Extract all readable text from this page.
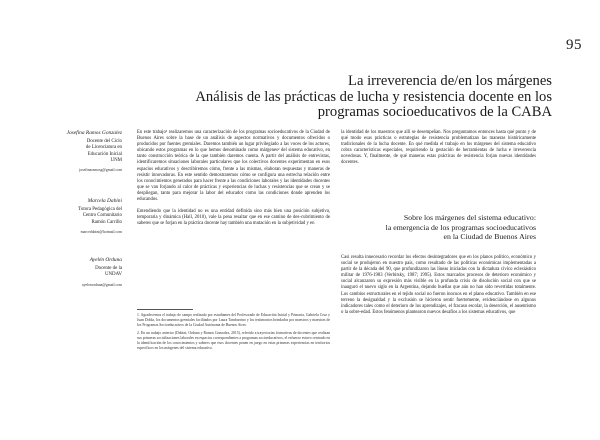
95
La irreverencia de/en los márgenes
Análisis de las prácticas de lucha y resistencia docente en los
programas socioeducativos de la CABA
Josefina Ramos Gonzalez
Docente del Ciclo
de Licenciatura en
Educación Inicial
UNM
josefinaramosg@gmail.com
Marcela Dabini
Tutora Pedagógica del
Centro Comunitario
Ramón Carrillo
marcedabini@hotmail.com
Ayelén Orduna
Docente de la
UNDAV
ayelenorduna@gmail.com

En este trabajo¹ realizaremos una caracterización de los programas socioeducativos de la Ciudad de Buenos Aires sobre la base de un análisis de aspectos normativos y documentos ofrecidos o producidos por fuentes gremiales. Daremos también un lugar privilegiado a las voces de los actores, ubicando estos programas en lo que hemos denominado como márgenes² del sistema educativo, en tanto construcción teórica de la que también daremos cuenta. A partir del análisis de entrevistas, identificaremos situaciones laborales particulares que los colectivos docentes experimentan en esos espacios educativos y describiremos cómo, frente a las mismas, elaboran respuestas y maneras de resistir innovadoras. En este sentido demostraremos cómo se configura una estrecha relación entre los conocimientos generados para hacer frente a las condiciones laborales y las identidades docentes que se van forjando al calor de prácticas y experiencias de luchas y resistencias que se crean y se despliegan, tanto para mejorar la labor del educador como las condiciones donde aprenden los educandos.

Entendiendo que la identidad no es una entidad definida sino más bien una posición subjetiva, temporaria y dinámica (Hall, 2010), vale la pena resaltar que en ese camino de des-cubrimiento de saberes que se forjan en la práctica docente hay también una mutación en la subjetividad y en

1. Agradecemos el trabajo de campo realizado por estudiantes del Profesorado de Educación Inicial y Primaria, Gabriela Cruz y Juan Dobla, los documentos gremiales facilitados por Laura Tamburrino y los testimonios brindados por maestros y maestras de los Programas Socioeducativos de la Ciudad Autónoma de Buenos Aires.

2. En un trabajo anterior (Dabini, Orduna y Ramos Gonzalez, 2015), referido a trayectorias formativas de docentes que realizan sus primeras socializaciones laborales en espacios correspondientes a programas socioeducativos, el esfuerzo estuvo centrado en la identificación de los conocimientos y saberes que esos docentes ponen en juego en estas primeras experiencias en territorios específicos en los márgenes del sistema educativo.

la identidad de los maestros que allí se desempeñan. Nos preguntamos entonces hasta qué punto y de qué modo esas prácticas o estrategias de resistencia problematizan las maneras históricamente tradicionales de la lucha docente. En qué medida el trabajo en los márgenes del sistema educativo cobra características especiales, requiriendo la gestación de herramientas de lucha e irreverencia novedosas. Y, finalmente, de qué maneras estas prácticas de resistencia forjan nuevas identidades docentes.

Sobre los márgenes del sistema educativo:
la emergencia de los programas socioeducativos
en la Ciudad de Buenos Aires

Casi resulta innecesario recordar los efectos desintegradores que en los planos político, económico y social se produjeron en nuestro país, como resultado de las políticas económicas implementadas a partir de la década del 90, que profundizaron las líneas iniciadas con la dictadura cívico eclesiástico militar de 1976-1983 (Verbitsky, 1987; 1995). Estos marcados procesos de deterioro económico y social alcanzaron su expresión más visible en la profunda crisis de disolución social con que se inauguró el nuevo siglo en la Argentina, dejando huellas que aún no han sido revertidas totalmente. Los cambios estructurales en el tejido social no fueron inocuos en el plano educativo. También en ese terreno la desigualdad y la exclusión se hicieron sentir fuertemente, evidenciándose en algunos indicadores tales como el deterioro de los aprendizajes, el fracaso escolar, la deserción, el ausentismo o la sobre-edad. Estos fenómenos plantearon nuevos desafíos a los sistemas educativos, que
